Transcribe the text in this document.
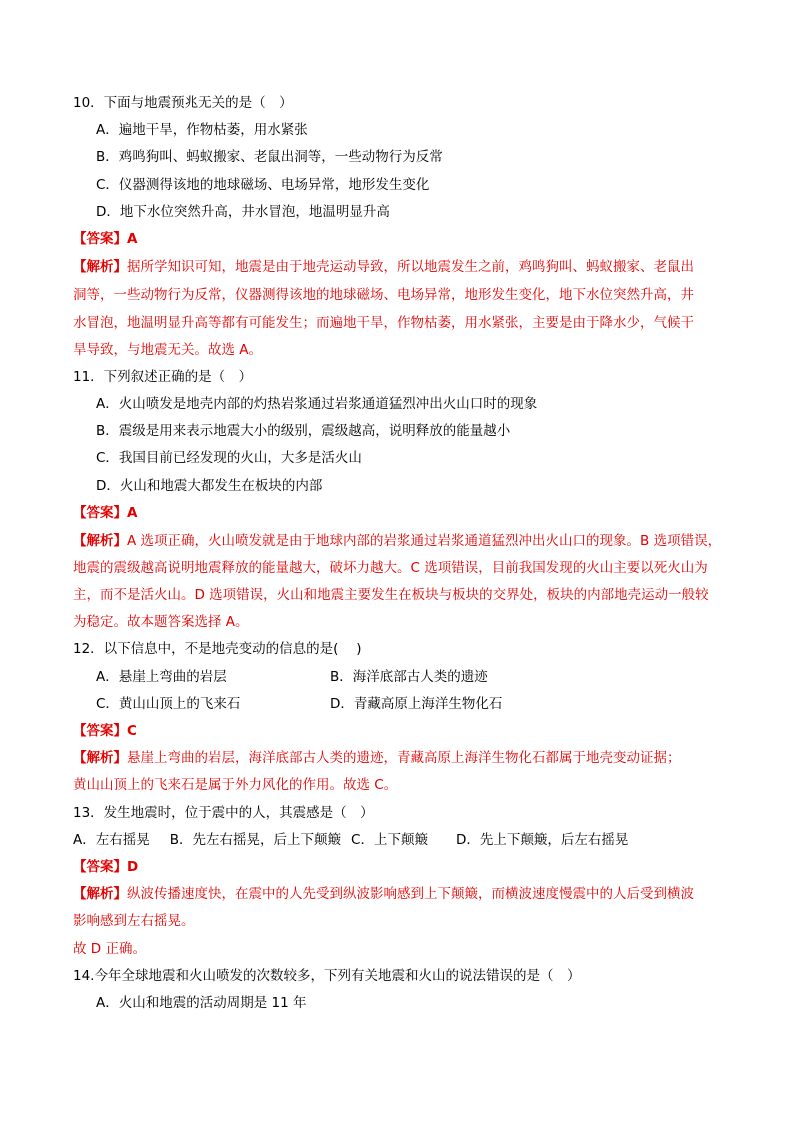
10．下面与地震预兆无关的是（　）
A．遍地干旱，作物枯萎，用水紧张
B．鸡鸣狗叫、蚂蚁搬家、老鼠出洞等，一些动物行为反常
C．仪器测得该地的地球磁场、电场异常，地形发生变化
D．地下水位突然升高，井水冒泡，地温明显升高
【答案】A
【解析】据所学知识可知，地震是由于地壳运动导致，所以地震发生之前，鸡鸣狗叫、蚂蚁搬家、老鼠出
洞等，一些动物行为反常，仪器测得该地的地球磁场、电场异常，地形发生变化，地下水位突然升高，井
水冒泡，地温明显升高等都有可能发生；而遍地干旱，作物枯萎，用水紧张，主要是由于降水少，气候干
旱导致，与地震无关。故选 A。
11．下列叙述正确的是（　）
A．火山喷发是地壳内部的灼热岩浆通过岩浆通道猛烈冲出火山口时的现象
B．震级是用来表示地震大小的级别，震级越高，说明释放的能量越小
C．我国目前已经发现的火山，大多是活火山
D．火山和地震大都发生在板块的内部
【答案】A
【解析】A 选项正确，火山喷发就是由于地球内部的岩浆通过岩浆通道猛烈冲出火山口的现象。B 选项错误，
地震的震级越高说明地震释放的能量越大，破坏力越大。C 选项错误，目前我国发现的火山主要以死火山为
主，而不是活火山。D 选项错误，火山和地震主要发生在板块与板块的交界处，板块的内部地壳运动一般较
为稳定。故本题答案选择 A。
12．以下信息中，不是地壳变动的信息的是(　 )
A．悬崖上弯曲的岩层	B．海洋底部古人类的遗迹
C．黄山山顶上的飞来石	D．青藏高原上海洋生物化石
【答案】C
【解析】悬崖上弯曲的岩层，海洋底部古人类的遗迹，青藏高原上海洋生物化石都属于地壳变动证据；
黄山山顶上的飞来石是属于外力风化的作用。故选 C。
13．发生地震时，位于震中的人，其震感是（　）
A．左右摇晃 B．先左右摇晃，后上下颠簸 C．上下颠簸 D．先上下颠簸，后左右摇晃
【答案】D
【解析】纵波传播速度快，在震中的人先受到纵波影响感到上下颠簸，而横波速度慢震中的人后受到横波
影响感到左右摇晃。
故 D 正确。
14.今年全球地震和火山喷发的次数较多，下列有关地震和火山的说法错误的是（　）
A．火山和地震的活动周期是 11 年
